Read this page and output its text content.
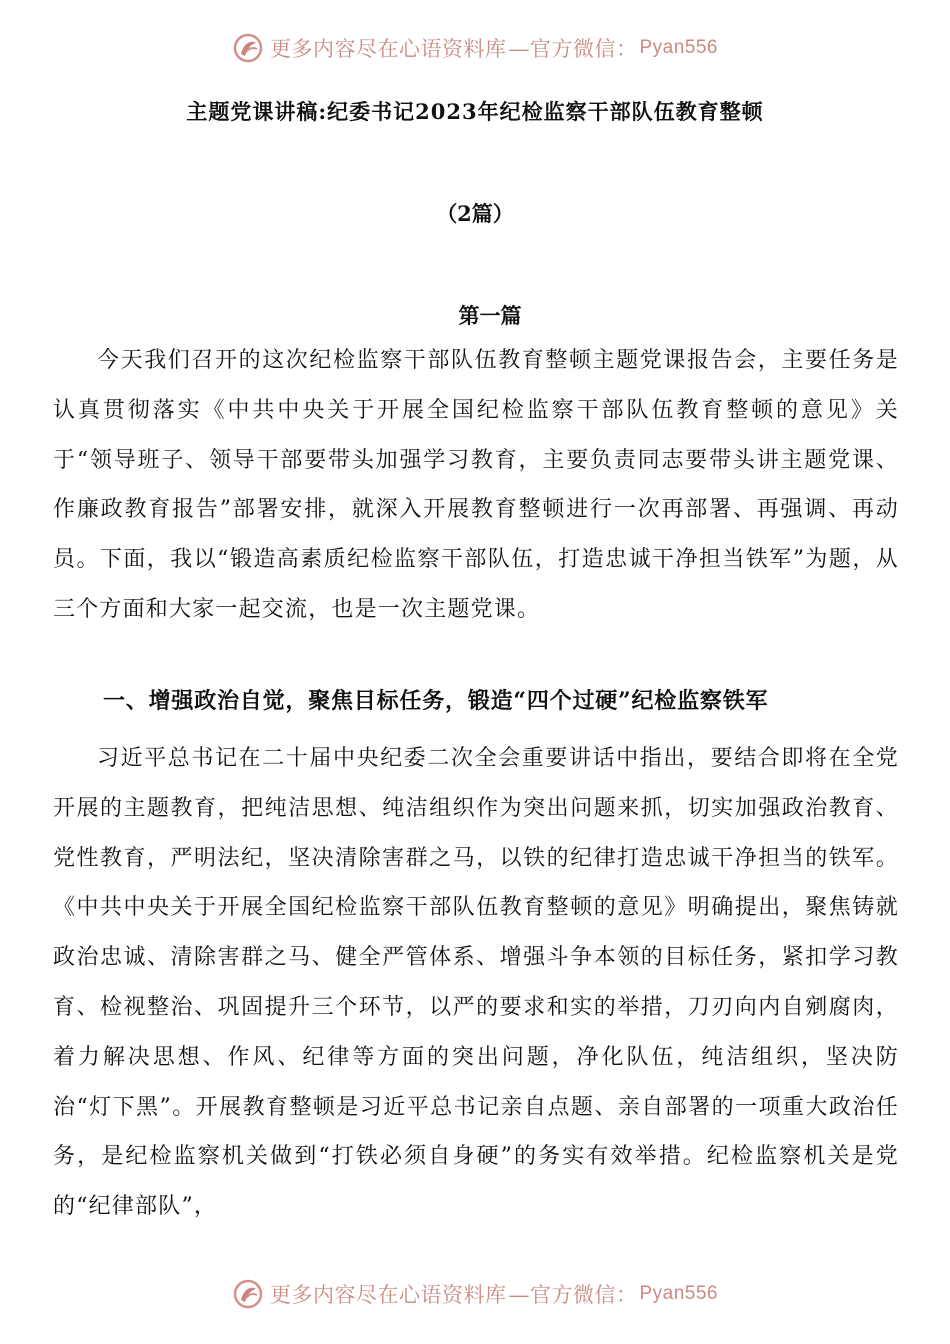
更多内容尽在心语资料库 —官方微信： Pyan556
主题党课讲稿:纪委书记2023年纪检监察干部队伍教育整顿
（2篇）
第一篇

今天我们召开的这次纪检监察干部队伍教育整顿主题党课报告会，主要任务是认真贯彻落实《中共中央关于开展全国纪检监察干部队伍教育整顿的意见》关于“领导班子、领导干部要带头加强学习教育，主要负责同志要带头讲主题党课、作廉政教育报告”部署安排，就深入开展教育整顿进行一次再部署、再强调、再动员。下面，我以“锻造高素质纪检监察干部队伍，打造忠诚干净担当铁军”为题，从三个方面和大家一起交流，也是一次主题党课。

一、增强政治自觉，聚焦目标任务，锻造“四个过硬”纪检监察铁军

习近平总书记在二十届中央纪委二次全会重要讲话中指出，要结合即将在全党开展的主题教育，把纯洁思想、纯洁组织作为突出问题来抓，切实加强政治教育、党性教育，严明法纪，坚决清除害群之马，以铁的纪律打造忠诚干净担当的铁军。《中共中央关于开展全国纪检监察干部队伍教育整顿的意见》明确提出，聚焦铸就政治忠诚、清除害群之马、健全严管体系、增强斗争本领的目标任务，紧扣学习教育、检视整治、巩固提升三个环节，以严的要求和实的举措，刀刃向内自剜腐肉，着力解决思想、作风、纪律等方面的突出问题，净化队伍，纯洁组织，坚决防治“灯下黑”。开展教育整顿是习近平总书记亲自点题、亲自部署的一项重大政治任务，是纪检监察机关做到“打铁必须自身硬”的务实有效举措。纪检监察机关是党的“纪律部队”，

更多内容尽在心语资料库 —官方微信： Pyan556
